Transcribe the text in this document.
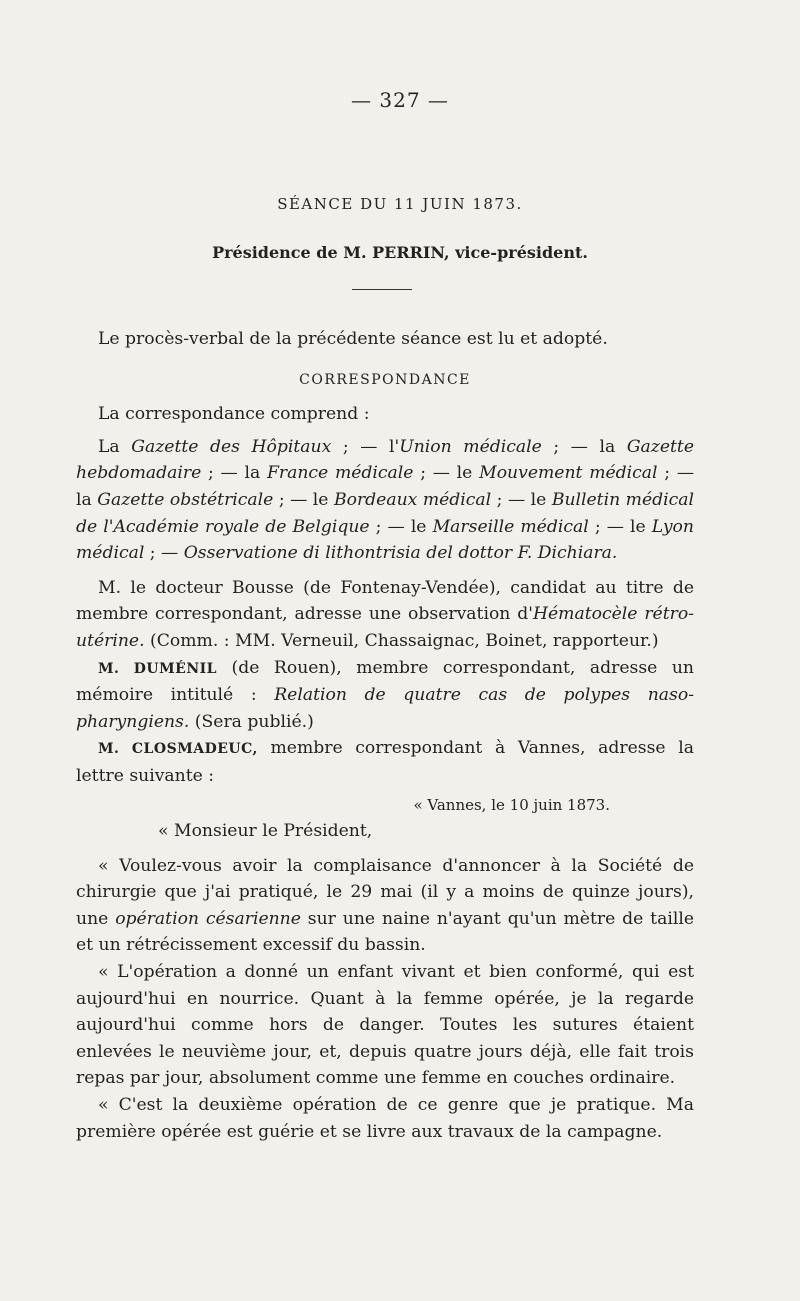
— 327 —
SÉANCE DU 11 JUIN 1873.
Présidence de M. PERRIN, vice-président.

Le procès-verbal de la précédente séance est lu et adopté.

CORRESPONDANCE

La correspondance comprend :

La Gazette des Hôpitaux ; — l'Union médicale ; — la Gazette hebdomadaire ; — la France médicale ; — le Mouvement médical ; — la Gazette obstétricale ; — le Bordeaux médical ; — le Bulletin médical de l'Académie royale de Belgique ; — le Marseille médical ; — le Lyon médical ; — Osservatione di lithontrisia del dottor F. Dichiara.

M. le docteur Bousse (de Fontenay-Vendée), candidat au titre de membre correspondant, adresse une observation d'Hématocèle rétro-utérine. (Comm. : MM. Verneuil, Chassaignac, Boinet, rapporteur.)

M. DUMÉNIL (de Rouen), membre correspondant, adresse un mémoire intitulé : Relation de quatre cas de polypes naso-pharyngiens. (Sera publié.)

M. CLOSMADEUC, membre correspondant à Vannes, adresse la lettre suivante :

« Vannes, le 10 juin 1873.

« Monsieur le Président,

« Voulez-vous avoir la complaisance d'annoncer à la Société de chirurgie que j'ai pratiqué, le 29 mai (il y a moins de quinze jours), une opération césarienne sur une naine n'ayant qu'un mètre de taille et un rétrécissement excessif du bassin.

« L'opération a donné un enfant vivant et bien conformé, qui est aujourd'hui en nourrice. Quant à la femme opérée, je la regarde aujourd'hui comme hors de danger. Toutes les sutures étaient enlevées le neuvième jour, et, depuis quatre jours déjà, elle fait trois repas par jour, absolument comme une femme en couches ordinaire.

« C'est la deuxième opération de ce genre que je pratique. Ma première opérée est guérie et se livre aux travaux de la campagne.
